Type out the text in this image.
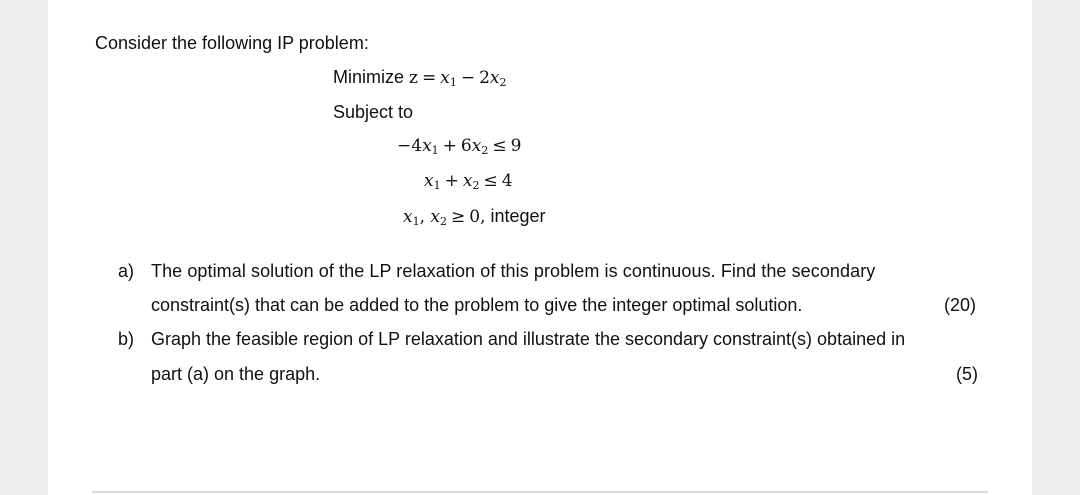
Consider the following IP problem:
Minimize $z = x_1 - 2x_2$
Subject to
$-4x_1 + 6x_2 \le 9$
$x_1 + x_2 \le 4$
$x_1$, $x_2 \ge 0$, integer
a) The optimal solution of the LP relaxation of this problem is continuous. Find the secondary
constraint(s) that can be added to the problem to give the integer optimal solution.	(20)
b) Graph the feasible region of LP relaxation and illustrate the secondary constraint(s) obtained in
part (a) on the graph.	(5)
